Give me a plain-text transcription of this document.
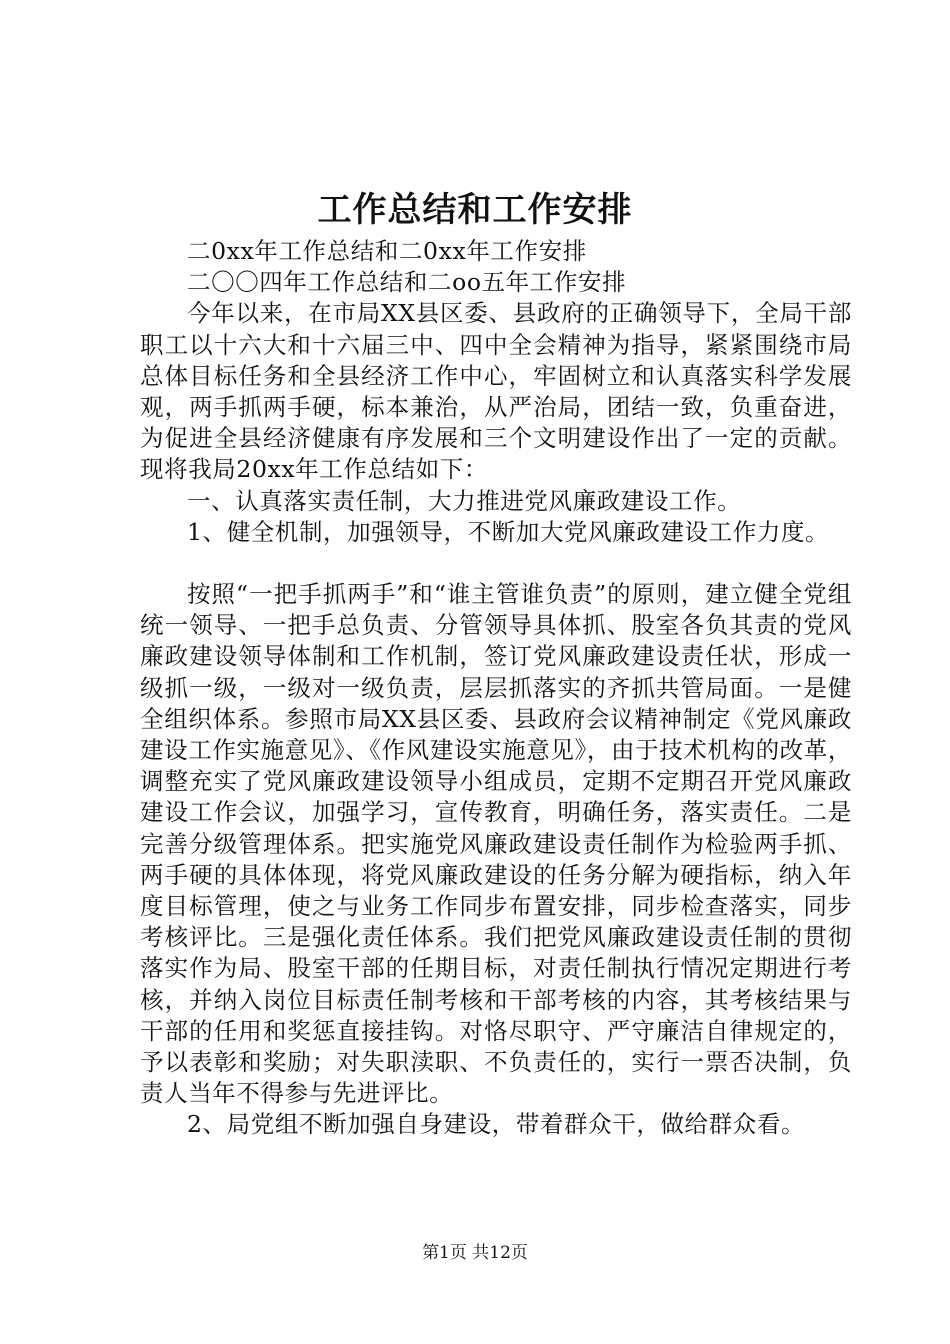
工作总结和工作安排

二0xx年工作总结和二0xx年工作安排

二〇〇四年工作总结和二oo五年工作安排

今年以来，在市局XX县区委、县政府的正确领导下，全局干部职工以十六大和十六届三中、四中全会精神为指导，紧紧围绕市局总体目标任务和全县经济工作中心，牢固树立和认真落实科学发展观，两手抓两手硬，标本兼治，从严治局，团结一致，负重奋进，为促进全县经济健康有序发展和三个文明建设作出了一定的贡献。现将我局20xx年工作总结如下：

一、认真落实责任制，大力推进党风廉政建设工作。

1、健全机制，加强领导，不断加大党风廉政建设工作力度。

按照“一把手抓两手”和“谁主管谁负责”的原则，建立健全党组统一领导、一把手总负责、分管领导具体抓、股室各负其责的党风廉政建设领导体制和工作机制，签订党风廉政建设责任状，形成一级抓一级，一级对一级负责，层层抓落实的齐抓共管局面。一是健全组织体系。参照市局XX县区委、县政府会议精神制定《党风廉政建设工作实施意见》、《作风建设实施意见》，由于技术机构的改革，调整充实了党风廉政建设领导小组成员，定期不定期召开党风廉政建设工作会议，加强学习，宣传教育，明确任务，落实责任。二是完善分级管理体系。把实施党风廉政建设责任制作为检验两手抓、两手硬的具体体现，将党风廉政建设的任务分解为硬指标，纳入年度目标管理，使之与业务工作同步布置安排，同步检查落实，同步考核评比。三是强化责任体系。我们把党风廉政建设责任制的贯彻落实作为局、股室干部的任期目标，对责任制执行情况定期进行考核，并纳入岗位目标责任制考核和干部考核的内容，其考核结果与干部的任用和奖惩直接挂钩。对恪尽职守、严守廉洁自律规定的，予以表彰和奖励；对失职渎职、不负责任的，实行一票否决制，负责人当年不得参与先进评比。

2、局党组不断加强自身建设，带着群众干，做给群众看。

第1页 共12页
